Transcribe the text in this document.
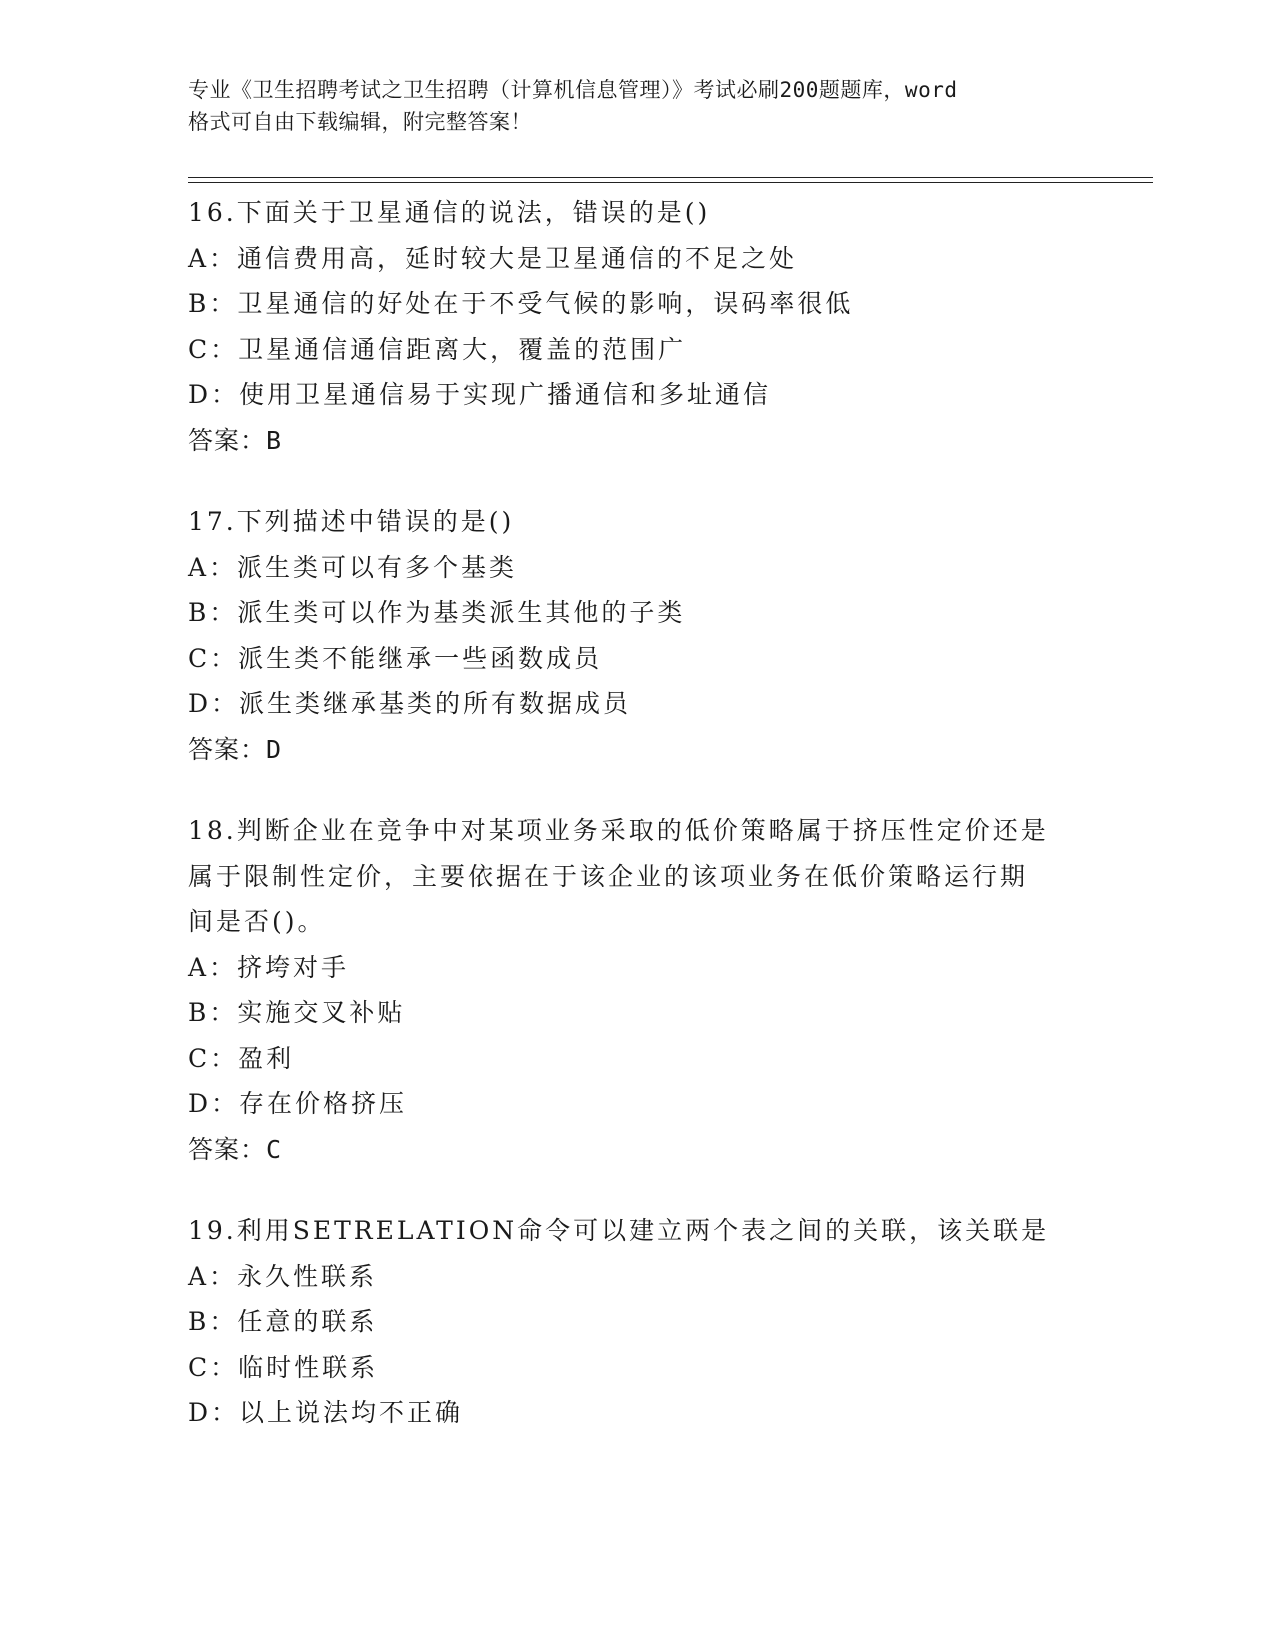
专业《卫生招聘考试之卫生招聘（计算机信息管理）》考试必刷200题题库，word
格式可自由下载编辑，附完整答案！
16.下面关于卫星通信的说法，错误的是()
A：通信费用高，延时较大是卫星通信的不足之处
B：卫星通信的好处在于不受气候的影响，误码率很低
C：卫星通信通信距离大，覆盖的范围广
D：使用卫星通信易于实现广播通信和多址通信
答案：B
17.下列描述中错误的是()
A：派生类可以有多个基类
B：派生类可以作为基类派生其他的子类
C：派生类不能继承一些函数成员
D：派生类继承基类的所有数据成员
答案：D
18.判断企业在竞争中对某项业务采取的低价策略属于挤压性定价还是
属于限制性定价，主要依据在于该企业的该项业务在低价策略运行期
间是否()。
A：挤垮对手
B：实施交叉补贴
C：盈利
D：存在价格挤压
答案：C
19.利用SETRELATION命令可以建立两个表之间的关联，该关联是
A：永久性联系
B：任意的联系
C：临时性联系
D：以上说法均不正确
